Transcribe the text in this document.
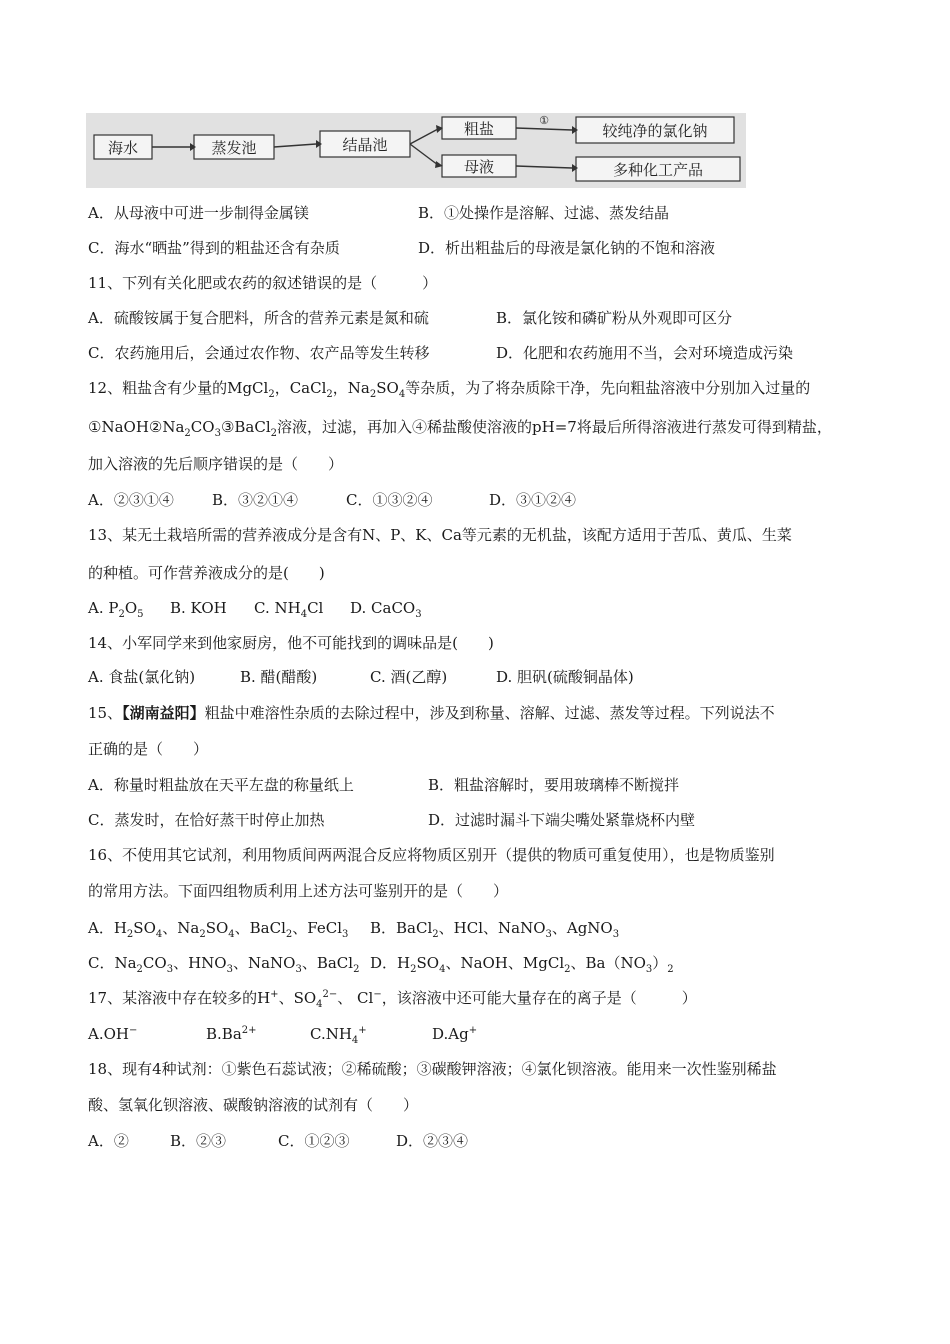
海水	蒸发池	结晶池
粗盐
母液
较纯净的氯化钠
多种化工产品
①
A．从母液中可进一步制得金属镁	B．①处操作是溶解、过滤、蒸发结晶
C．海水“晒盐”得到的粗盐还含有杂质	D．析出粗盐后的母液是氯化钠的不饱和溶液
11、下列有关化肥或农药的叙述错误的是（　　　）
A．硫酸铵属于复合肥料，所含的营养元素是氮和硫	B．氯化铵和磷矿粉从外观即可区分
C．农药施用后，会通过农作物、农产品等发生转移	D．化肥和农药施用不当，会对环境造成污染
12、粗盐含有少量的MgCl$_2$，CaCl$_2$，$Na_2SO_4$等杂质，为了将杂质除干净，先向粗盐溶液中分别加入过量的
$①NaOH②Na_2CO_3③BaCl_2$溶液，过滤，再加入④稀盐酸使溶液的pH=7将最后所得溶液进行蒸发可得到精盐，
加入溶液的先后顺序错误的是（　　）
A．②③①④	B．③②①④	C．①③②④	D．③①②④
13、某无土栽培所需的营养液成分是含有N、P、K、Ca等元素的无机盐，该配方适用于苦瓜、黄瓜、生菜
的种植。可作营养液成分的是(　　)
A. $P_2O_5$ B. KOH C. $NH_4Cl$ D. CaCO$_3$
14、小军同学来到他家厨房，他不可能找到的调味品是(　　)
A. 食盐(氯化钠)	B. 醋(醋酸)	C. 酒(乙醇)	D. 胆矾(硫酸铜晶体)
15、【湖南益阳】粗盐中难溶性杂质的去除过程中，涉及到称量、溶解、过滤、蒸发等过程。下列说法不
正确的是（　　）
A．称量时粗盐放在天平左盘的称量纸上	B．粗盐溶解时，要用玻璃棒不断搅拌
C．蒸发时，在恰好蒸干时停止加热	D．过滤时漏斗下端尖嘴处紧靠烧杯内壁
16、不使用其它试剂，利用物质间两两混合反应将物质区别开（提供的物质可重复使用），也是物质鉴别
的常用方法。下面四组物质利用上述方法可鉴别开的是（　　）
A．$H_2SO_4$、$Na_2SO_4$、BaCl$_2$、FeCl$_3$ B．BaCl$_2$、HCl、NaNO$_3$、AgNO$_3$
C．$Na_2CO_3$、$HNO_3$、NaNO$_3$、BaCl$_2$ D．$H_2SO_4$、NaOH、MgCl$_2$、$Ba(NO_3)_2$
17、某溶液中存在较多的H+、$SO_4^{2-}$、 Cl−，该溶液中还可能大量存在的离子是（　　　）
A.OH−	$B.Ba^{2+}$	$C.NH_4^+$	D.Ag+
18、现有4种试剂：①紫色石蕊试液；②稀硫酸；③碳酸钾溶液；④氯化钡溶液。能用来一次性鉴别稀盐
酸、氢氧化钡溶液、碳酸钠溶液的试剂有（　　）
A．②	B．②③	C．①②③	D．②③④
